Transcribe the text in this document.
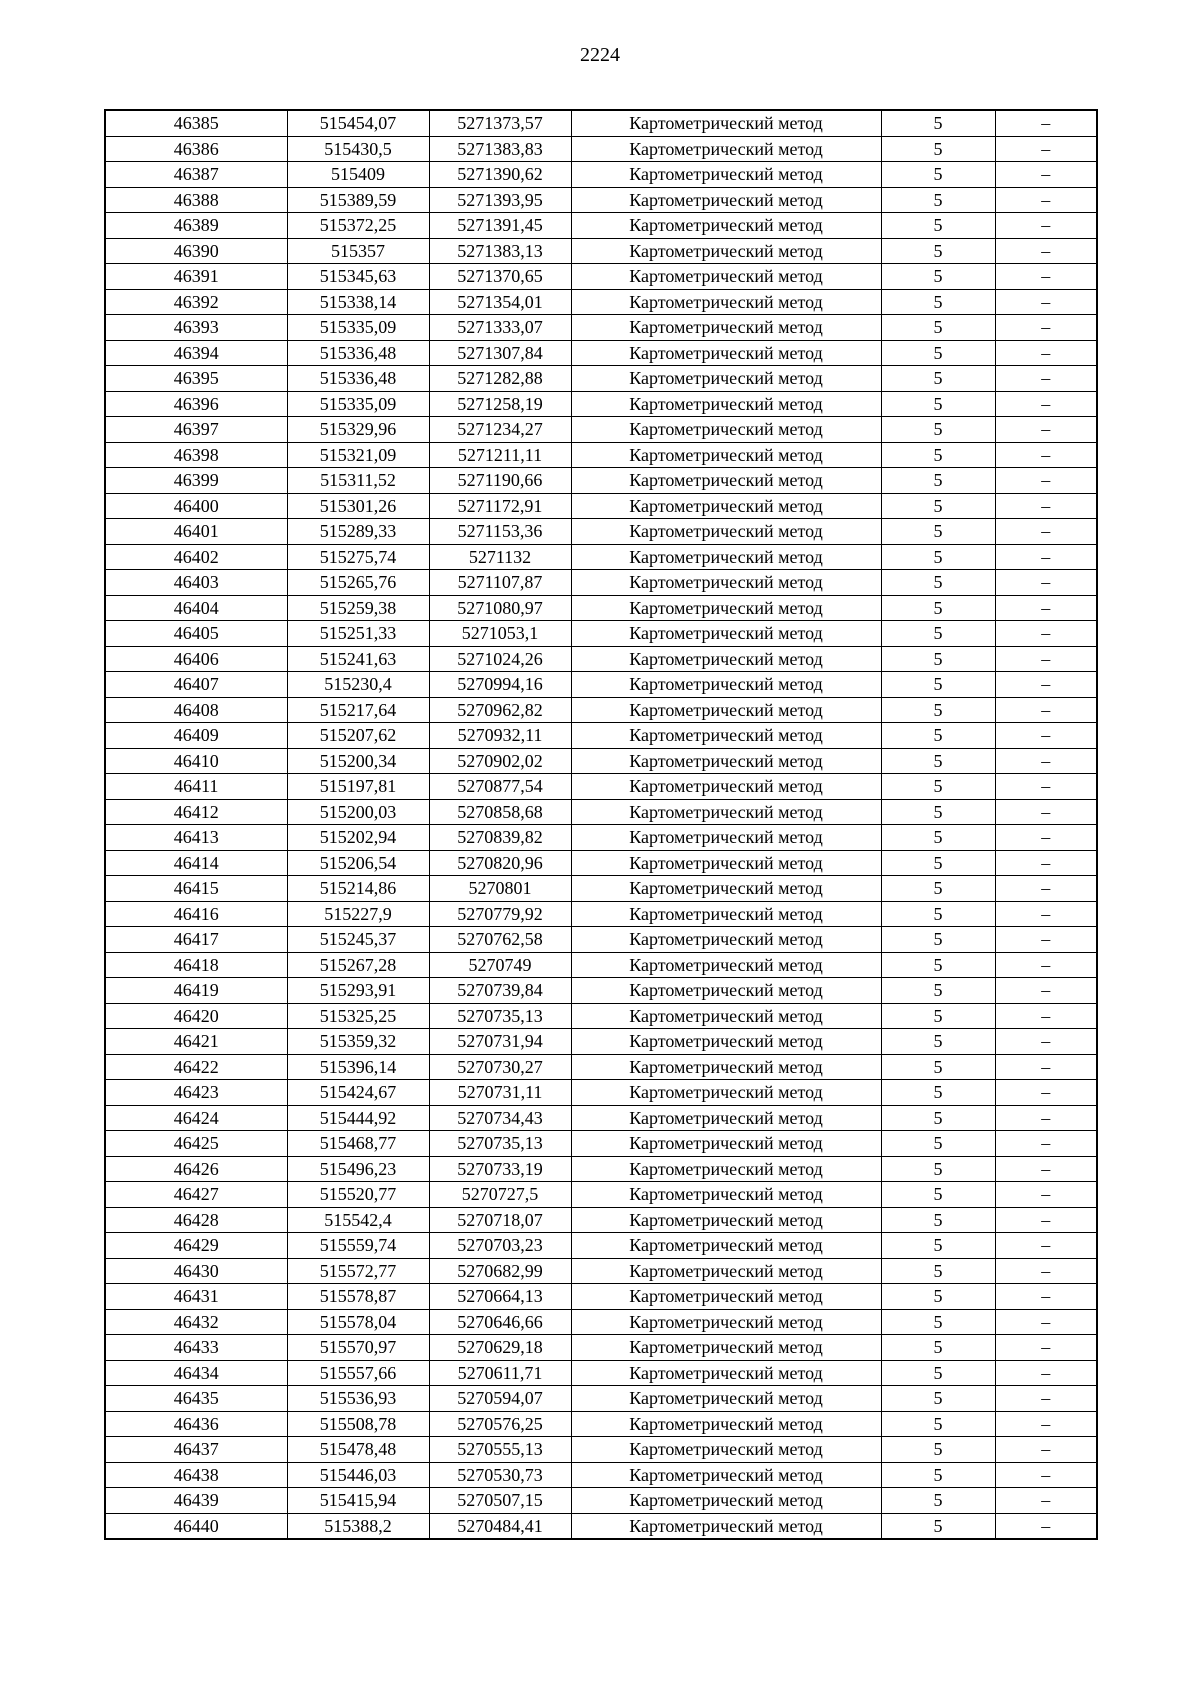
2224
46385	515454,07	5271373,57	Картометрический метод	5	–
46386	515430,5	5271383,83	Картометрический метод	5	–
46387	515409	5271390,62	Картометрический метод	5	–
46388	515389,59	5271393,95	Картометрический метод	5	–
46389	515372,25	5271391,45	Картометрический метод	5	–
46390	515357	5271383,13	Картометрический метод	5	–
46391	515345,63	5271370,65	Картометрический метод	5	–
46392	515338,14	5271354,01	Картометрический метод	5	–
46393	515335,09	5271333,07	Картометрический метод	5	–
46394	515336,48	5271307,84	Картометрический метод	5	–
46395	515336,48	5271282,88	Картометрический метод	5	–
46396	515335,09	5271258,19	Картометрический метод	5	–
46397	515329,96	5271234,27	Картометрический метод	5	–
46398	515321,09	5271211,11	Картометрический метод	5	–
46399	515311,52	5271190,66	Картометрический метод	5	–
46400	515301,26	5271172,91	Картометрический метод	5	–
46401	515289,33	5271153,36	Картометрический метод	5	–
46402	515275,74	5271132	Картометрический метод	5	–
46403	515265,76	5271107,87	Картометрический метод	5	–
46404	515259,38	5271080,97	Картометрический метод	5	–
46405	515251,33	5271053,1	Картометрический метод	5	–
46406	515241,63	5271024,26	Картометрический метод	5	–
46407	515230,4	5270994,16	Картометрический метод	5	–
46408	515217,64	5270962,82	Картометрический метод	5	–
46409	515207,62	5270932,11	Картометрический метод	5	–
46410	515200,34	5270902,02	Картометрический метод	5	–
46411	515197,81	5270877,54	Картометрический метод	5	–
46412	515200,03	5270858,68	Картометрический метод	5	–
46413	515202,94	5270839,82	Картометрический метод	5	–
46414	515206,54	5270820,96	Картометрический метод	5	–
46415	515214,86	5270801	Картометрический метод	5	–
46416	515227,9	5270779,92	Картометрический метод	5	–
46417	515245,37	5270762,58	Картометрический метод	5	–
46418	515267,28	5270749	Картометрический метод	5	–
46419	515293,91	5270739,84	Картометрический метод	5	–
46420	515325,25	5270735,13	Картометрический метод	5	–
46421	515359,32	5270731,94	Картометрический метод	5	–
46422	515396,14	5270730,27	Картометрический метод	5	–
46423	515424,67	5270731,11	Картометрический метод	5	–
46424	515444,92	5270734,43	Картометрический метод	5	–
46425	515468,77	5270735,13	Картометрический метод	5	–
46426	515496,23	5270733,19	Картометрический метод	5	–
46427	515520,77	5270727,5	Картометрический метод	5	–
46428	515542,4	5270718,07	Картометрический метод	5	–
46429	515559,74	5270703,23	Картометрический метод	5	–
46430	515572,77	5270682,99	Картометрический метод	5	–
46431	515578,87	5270664,13	Картометрический метод	5	–
46432	515578,04	5270646,66	Картометрический метод	5	–
46433	515570,97	5270629,18	Картометрический метод	5	–
46434	515557,66	5270611,71	Картометрический метод	5	–
46435	515536,93	5270594,07	Картометрический метод	5	–
46436	515508,78	5270576,25	Картометрический метод	5	–
46437	515478,48	5270555,13	Картометрический метод	5	–
46438	515446,03	5270530,73	Картометрический метод	5	–
46439	515415,94	5270507,15	Картометрический метод	5	–
46440	515388,2	5270484,41	Картометрический метод	5	–
